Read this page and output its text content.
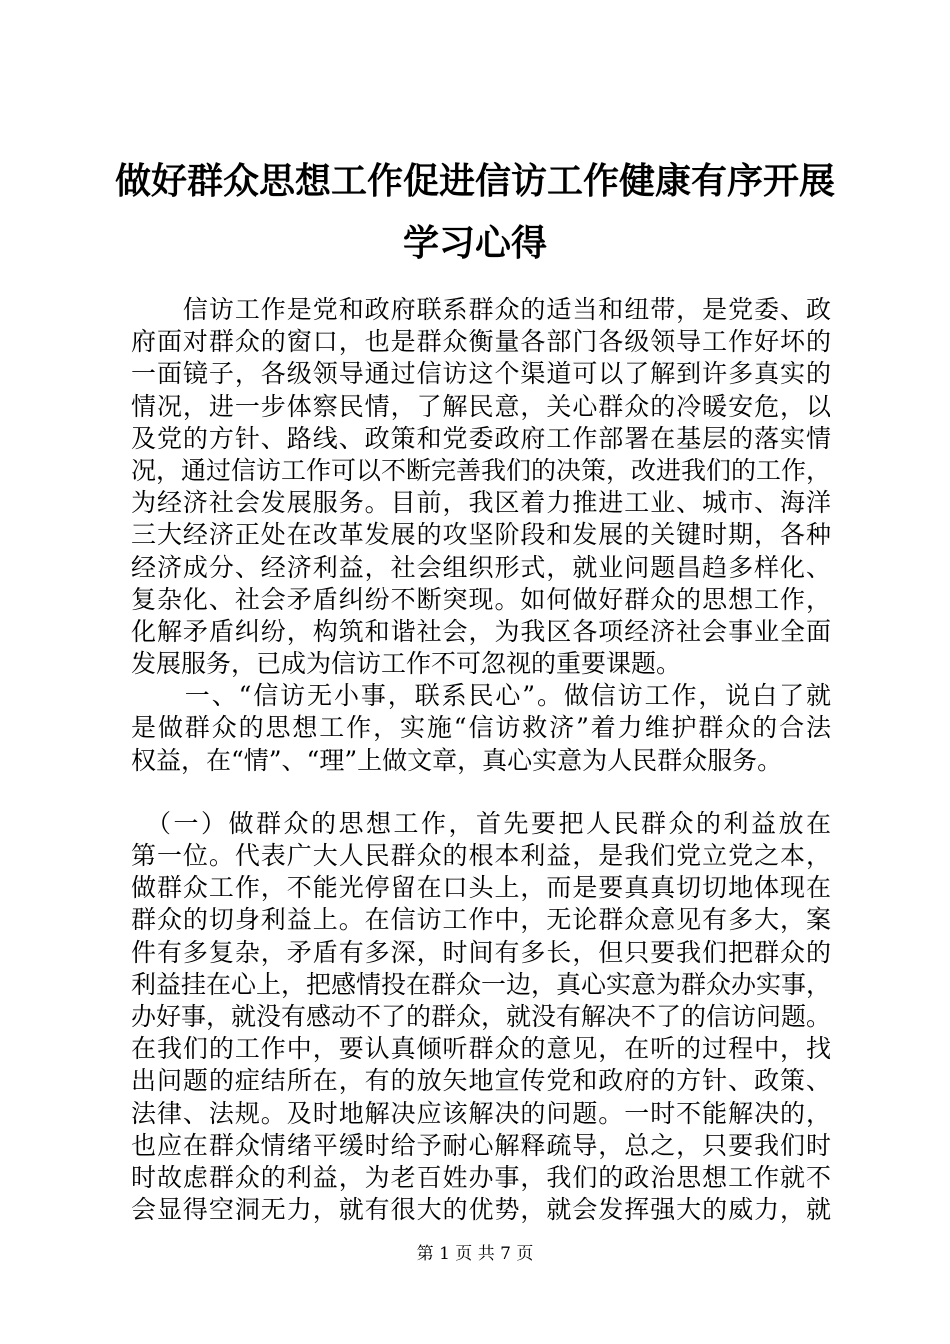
做好群众思想工作促进信访工作健康有序开展
学习心得
　　信访工作是党和政府联系群众的适当和纽带，是党委、政
府面对群众的窗口，也是群众衡量各部门各级领导工作好坏的
一面镜子，各级领导通过信访这个渠道可以了解到许多真实的
情况，进一步体察民情，了解民意，关心群众的冷暖安危，以
及党的方针、路线、政策和党委政府工作部署在基层的落实情
况，通过信访工作可以不断完善我们的决策，改进我们的工作，
为经济社会发展服务。目前，我区着力推进工业、城市、海洋
三大经济正处在改革发展的攻坚阶段和发展的关键时期，各种
经济成分、经济利益，社会组织形式，就业问题昌趋多样化、
复杂化、社会矛盾纠纷不断突现。如何做好群众的思想工作，
化解矛盾纠纷，构筑和谐社会，为我区各项经济社会事业全面
发展服务，已成为信访工作不可忽视的重要课题。
　　一、“信访无小事，联系民心”。做信访工作，说白了就
是做群众的思想工作，实施“信访救济”着力维护群众的合法
权益，在“情”、“理”上做文章，真心实意为人民群众服务。
　（一）做群众的思想工作，首先要把人民群众的利益放在
第一位。代表广大人民群众的根本利益，是我们党立党之本，
做群众工作，不能光停留在口头上，而是要真真切切地体现在
群众的切身利益上。在信访工作中，无论群众意见有多大，案
件有多复杂，矛盾有多深，时间有多长，但只要我们把群众的
利益挂在心上，把感情投在群众一边，真心实意为群众办实事，
办好事，就没有感动不了的群众，就没有解决不了的信访问题。
在我们的工作中，要认真倾听群众的意见，在听的过程中，找
出问题的症结所在，有的放矢地宣传党和政府的方针、政策、
法律、法规。及时地解决应该解决的问题。一时不能解决的，
也应在群众情绪平缓时给予耐心解释疏导，总之，只要我们时
时故虑群众的利益，为老百姓办事，我们的政治思想工作就不
会显得空洞无力，就有很大的优势，就会发挥强大的威力，就
第 1 页 共 7 页
